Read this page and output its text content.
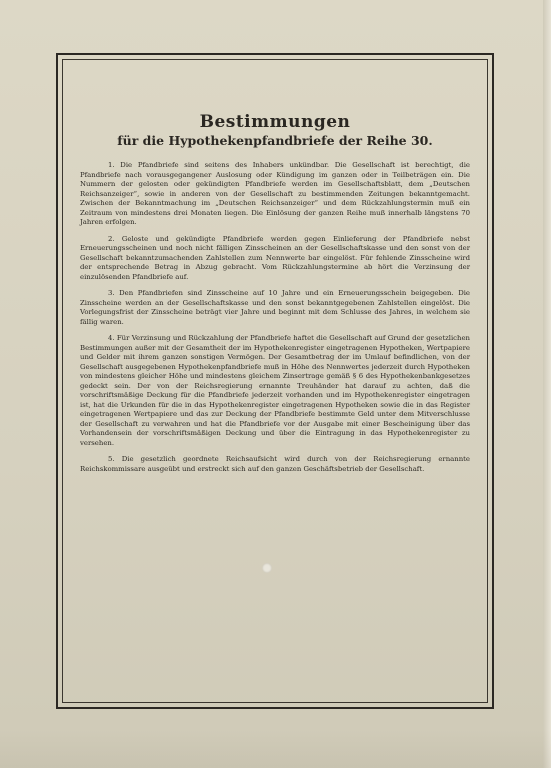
Bestimmungen
für die Hypothekenpfandbriefe der Reihe 30.

1. Die Pfandbriefe sind seitens des Inhabers unkündbar. Die Gesellschaft ist berechtigt, die Pfandbriefe nach vorausgegangener Auslosung oder Kündigung im ganzen oder in Teilbeträgen ein. Die Nummern der gelosten oder gekündigten Pfandbriefe werden im Gesellschaftsblatt, dem „Deutschen Reichsanzeiger“, sowie in anderen von der Gesellschaft zu bestimmenden Zeitungen bekanntgemacht. Zwischen der Bekanntmachung im „Deutschen Reichsanzeiger“ und dem Rückzahlungstermin muß ein Zeitraum von mindestens drei Monaten liegen. Die Einlösung der ganzen Reihe muß innerhalb längstens 70 Jahren erfolgen.

2. Geloste und gekündigte Pfandbriefe werden gegen Einlieferung der Pfandbriefe nebst Erneuerungsscheinen und noch nicht fälligen Zinsscheinen an der Gesellschaftskasse und den sonst von der Gesellschaft bekanntzumachenden Zahlstellen zum Nennwerte bar eingelöst. Für fehlende Zinsscheine wird der entsprechende Betrag in Abzug gebracht. Vom Rückzahlungstermine ab hört die Verzinsung der einzulösenden Pfandbriefe auf.

3. Den Pfandbriefen sind Zinsscheine auf 10 Jahre und ein Erneuerungsschein beigegeben. Die Zinsscheine werden an der Gesellschaftskasse und den sonst bekanntgegebenen Zahlstellen eingelöst. Die Vorlegungsfrist der Zinsscheine beträgt vier Jahre und beginnt mit dem Schlusse des Jahres, in welchem sie fällig waren.

4. Für Verzinsung und Rückzahlung der Pfandbriefe haftet die Gesellschaft auf Grund der gesetzlichen Bestimmungen außer mit der Gesamtheit der im Hypothekenregister eingetragenen Hypotheken, Wertpapiere und Gelder mit ihrem ganzen sonstigen Vermögen. Der Gesamtbetrag der im Umlauf befindlichen, von der Gesellschaft ausgegebenen Hypothekenpfandbriefe muß in Höhe des Nennwertes jederzeit durch Hypotheken von mindestens gleicher Höhe und mindestens gleichem Zinsertrage gemäß § 6 des Hypothekenbankgesetzes gedeckt sein. Der von der Reichsregierung ernannte Treuhänder hat darauf zu achten, daß die vorschriftsmäßige Deckung für die Pfandbriefe jederzeit vorhanden und im Hypothekenregister eingetragen ist, hat die Urkunden für die in das Hypothekenregister eingetragenen Hypotheken sowie die in das Register eingetragenen Wertpapiere und das zur Deckung der Pfandbriefe bestimmte Geld unter dem Mitverschlusse der Gesellschaft zu verwahren und hat die Pfandbriefe vor der Ausgabe mit einer Bescheinigung über das Vorhandensein der vorschriftsmäßigen Deckung und über die Eintragung in das Hypothekenregister zu versehen.

5. Die gesetzlich geordnete Reichsaufsicht wird durch von der Reichsregierung ernannte Reichskommissare ausgeübt und erstreckt sich auf den ganzen Geschäftsbetrieb der Gesellschaft.
